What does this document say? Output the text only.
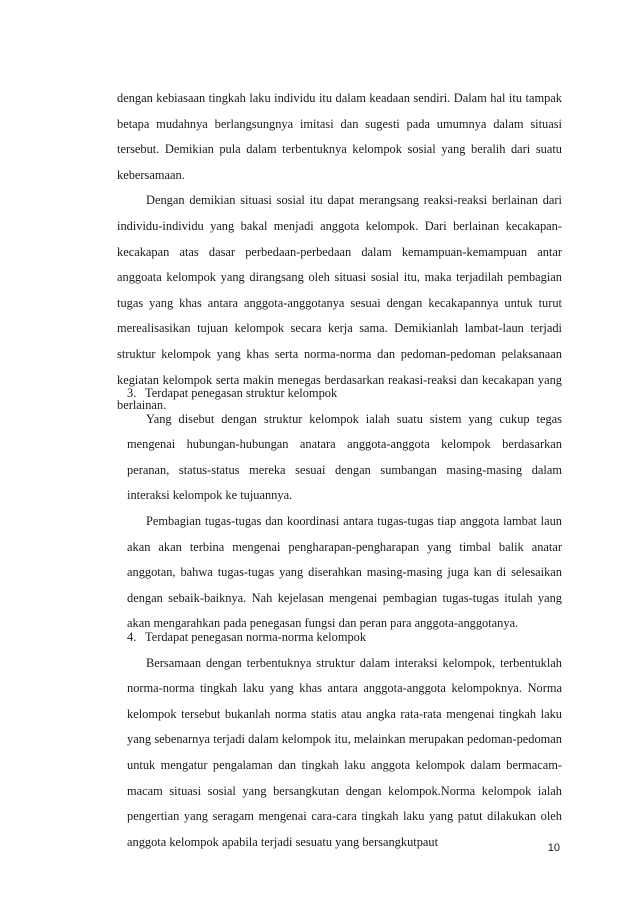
dengan kebiasaan tingkah laku individu itu dalam keadaan sendiri. Dalam hal itu tampak betapa mudahnya berlangsungnya imitasi dan sugesti pada umumnya dalam situasi tersebut. Demikian pula dalam terbentuknya kelompok sosial yang beralih dari suatu kebersamaan.

Dengan demikian situasi sosial itu dapat merangsang reaksi-reaksi berlainan dari individu-individu yang bakal menjadi anggota kelompok. Dari berlainan kecakapan-kecakapan atas dasar perbedaan-perbedaan dalam kemampuan-kemampuan antar anggoata kelompok yang dirangsang oleh situasi sosial itu, maka terjadilah pembagian tugas yang khas antara anggota-anggotanya sesuai dengan kecakapannya untuk turut merealisasikan tujuan kelompok secara kerja sama. Demikianlah lambat-laun terjadi struktur kelompok yang khas serta norma-norma dan pedoman-pedoman pelaksanaan kegiatan kelompok serta makin menegas berdasarkan reakasi-reaksi dan kecakapan yang berlainan.

3. Terdapat penegasan struktur kelompok

Yang disebut dengan struktur kelompok ialah suatu sistem yang cukup tegas mengenai hubungan-hubungan anatara anggota-anggota kelompok berdasarkan peranan, status-status mereka sesuai dengan sumbangan masing-masing dalam interaksi kelompok ke tujuannya.

Pembagian tugas-tugas dan koordinasi antara tugas-tugas tiap anggota lambat laun akan akan terbina mengenai pengharapan-pengharapan yang timbal balik anatar anggotan, bahwa tugas-tugas yang diserahkan masing-masing juga kan di selesaikan dengan sebaik-baiknya. Nah kejelasan mengenai pembagian tugas-tugas itulah yang akan mengarahkan pada penegasan fungsi dan peran para anggota-anggotanya.

4. Terdapat penegasan norma-norma kelompok

Bersamaan dengan terbentuknya struktur dalam interaksi kelompok, terbentuklah norma-norma tingkah laku yang khas antara anggota-anggota kelompoknya. Norma kelompok tersebut bukanlah norma statis atau angka rata-rata mengenai tingkah laku yang sebenarnya terjadi dalam kelompok itu, melainkan merupakan pedoman-pedoman untuk mengatur pengalaman dan tingkah laku anggota kelompok dalam bermacam-macam situasi sosial yang bersangkutan dengan kelompok.Norma kelompok ialah pengertian yang seragam mengenai cara-cara tingkah laku yang patut dilakukan oleh anggota kelompok apabila terjadi sesuatu yang bersangkutpaut	10
